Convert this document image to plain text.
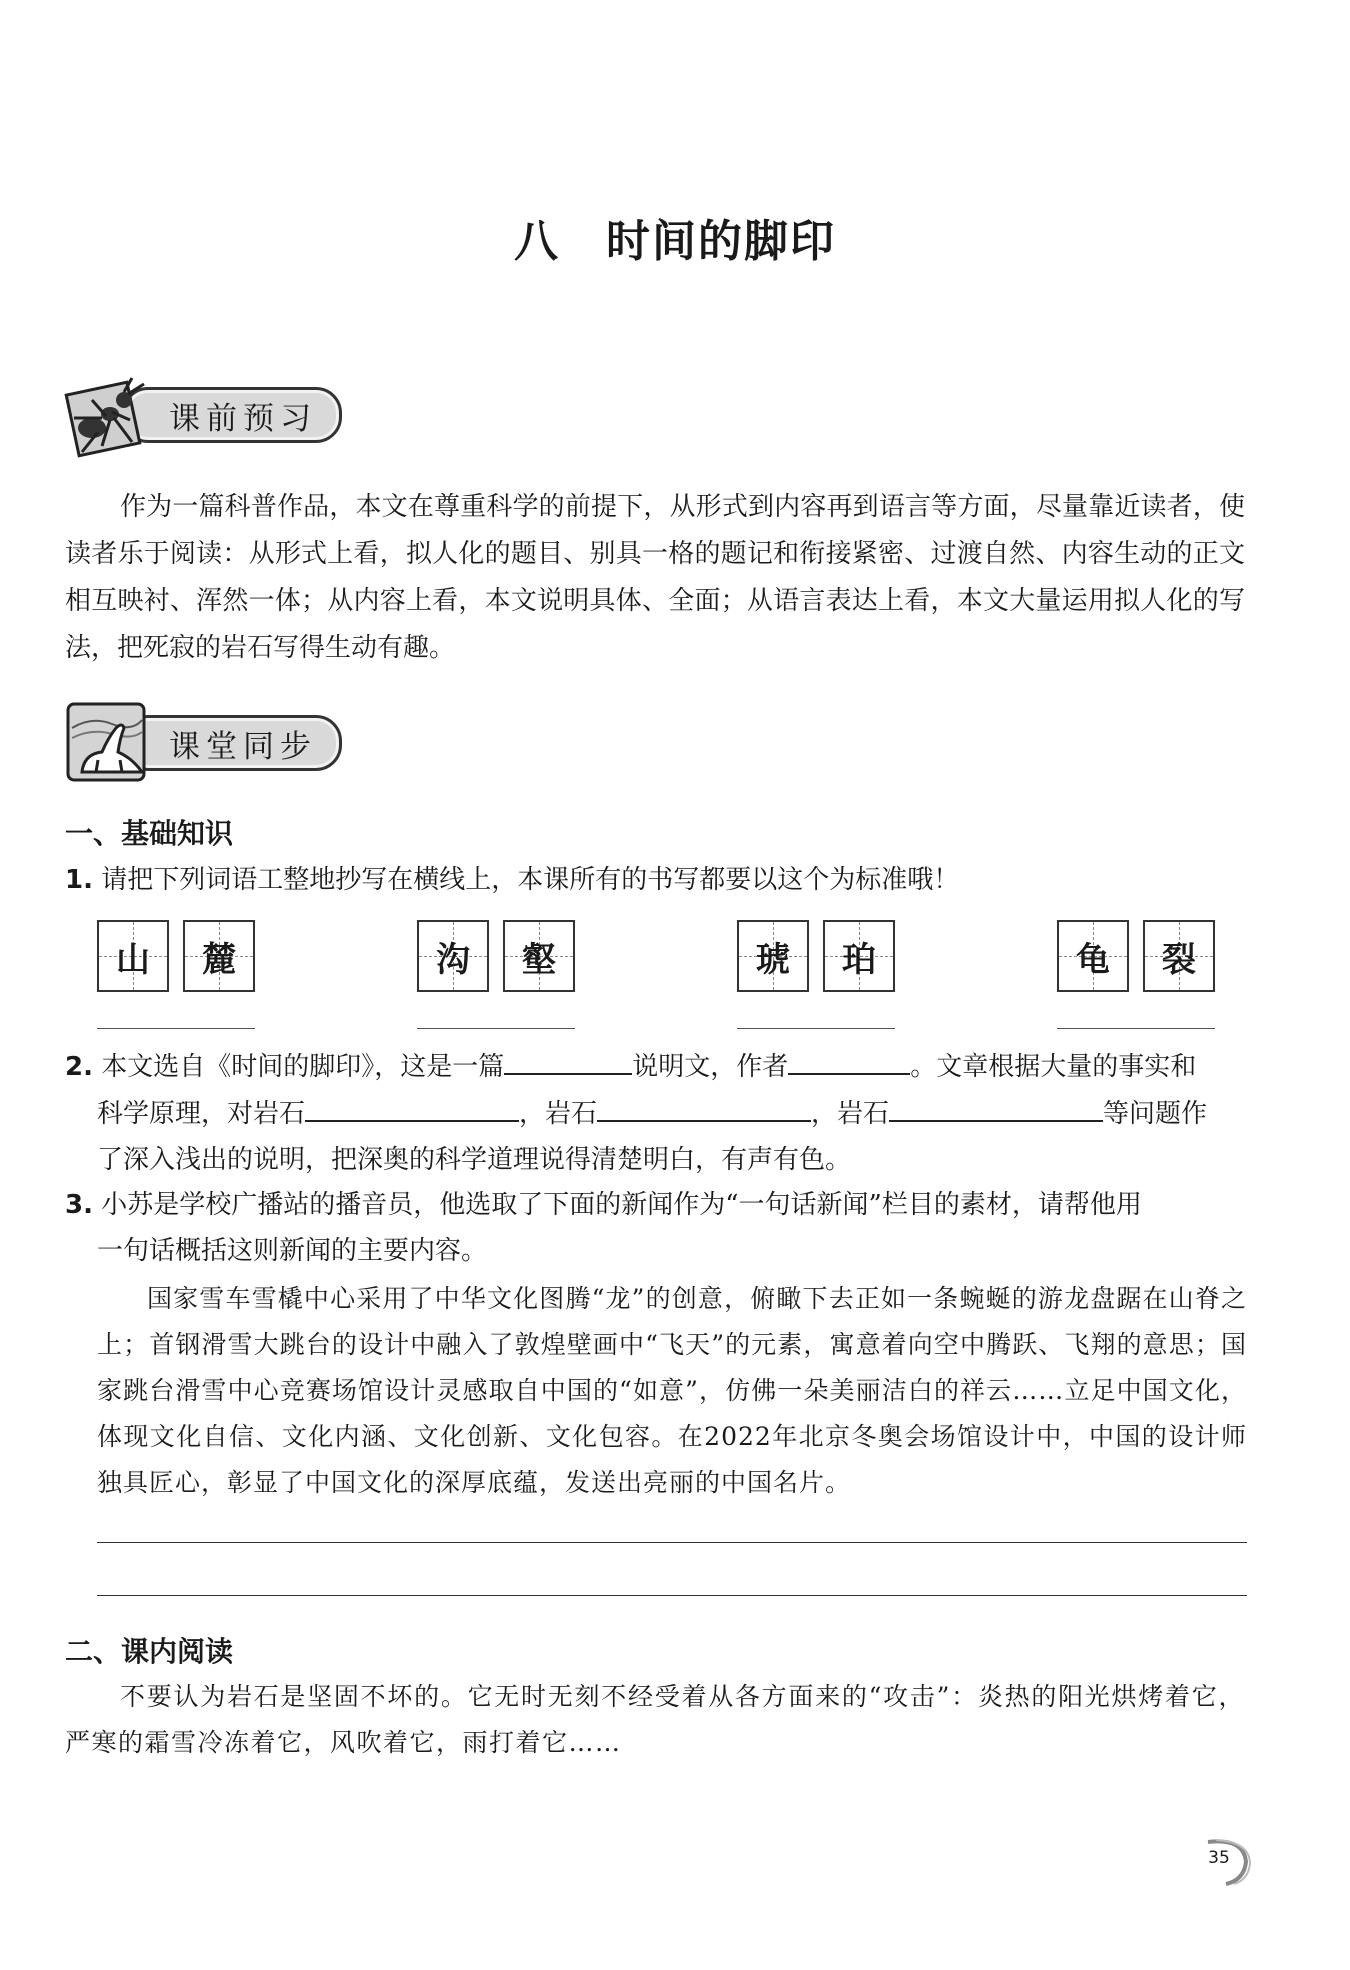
八 时间的脚印
课前预习

作为一篇科普作品，本文在尊重科学的前提下，从形式到内容再到语言等方面，尽量靠近读者，使读者乐于阅读：从形式上看，拟人化的题目、别具一格的题记和衔接紧密、过渡自然、内容生动的正文相互映衬、浑然一体；从内容上看，本文说明具体、全面；从语言表达上看，本文大量运用拟人化的写法，把死寂的岩石写得生动有趣。

课堂同步
一、基础知识
1. 请把下列词语工整地抄写在横线上，本课所有的书写都要以这个为标准哦！
山 麓	沟 壑	琥 珀	龟 裂
2. 本文选自《时间的脚印》，这是一篇	说明文，作者	。文章根据大量的事实和
科学原理，对岩石	，岩石	，岩石	等问题作
了深入浅出的说明，把深奥的科学道理说得清楚明白，有声有色。
3. 小苏是学校广播站的播音员，他选取了下面的新闻作为“一句话新闻”栏目的素材，请帮他用
一句话概括这则新闻的主要内容。

国家雪车雪橇中心采用了中华文化图腾“龙”的创意，俯瞰下去正如一条蜿蜒的游龙盘踞在山脊之上；首钢滑雪大跳台的设计中融入了敦煌壁画中“飞天”的元素，寓意着向空中腾跃、飞翔的意思；国家跳台滑雪中心竞赛场馆设计灵感取自中国的“如意”，仿佛一朵美丽洁白的祥云……立足中国文化，体现文化自信、文化内涵、文化创新、文化包容。在2022年北京冬奥会场馆设计中，中国的设计师独具匠心，彰显了中国文化的深厚底蕴，发送出亮丽的中国名片。

二、课内阅读

不要认为岩石是坚固不坏的。它无时无刻不经受着从各方面来的“攻击”：炎热的阳光烘烤着它，严寒的霜雪冷冻着它，风吹着它，雨打着它……

35
